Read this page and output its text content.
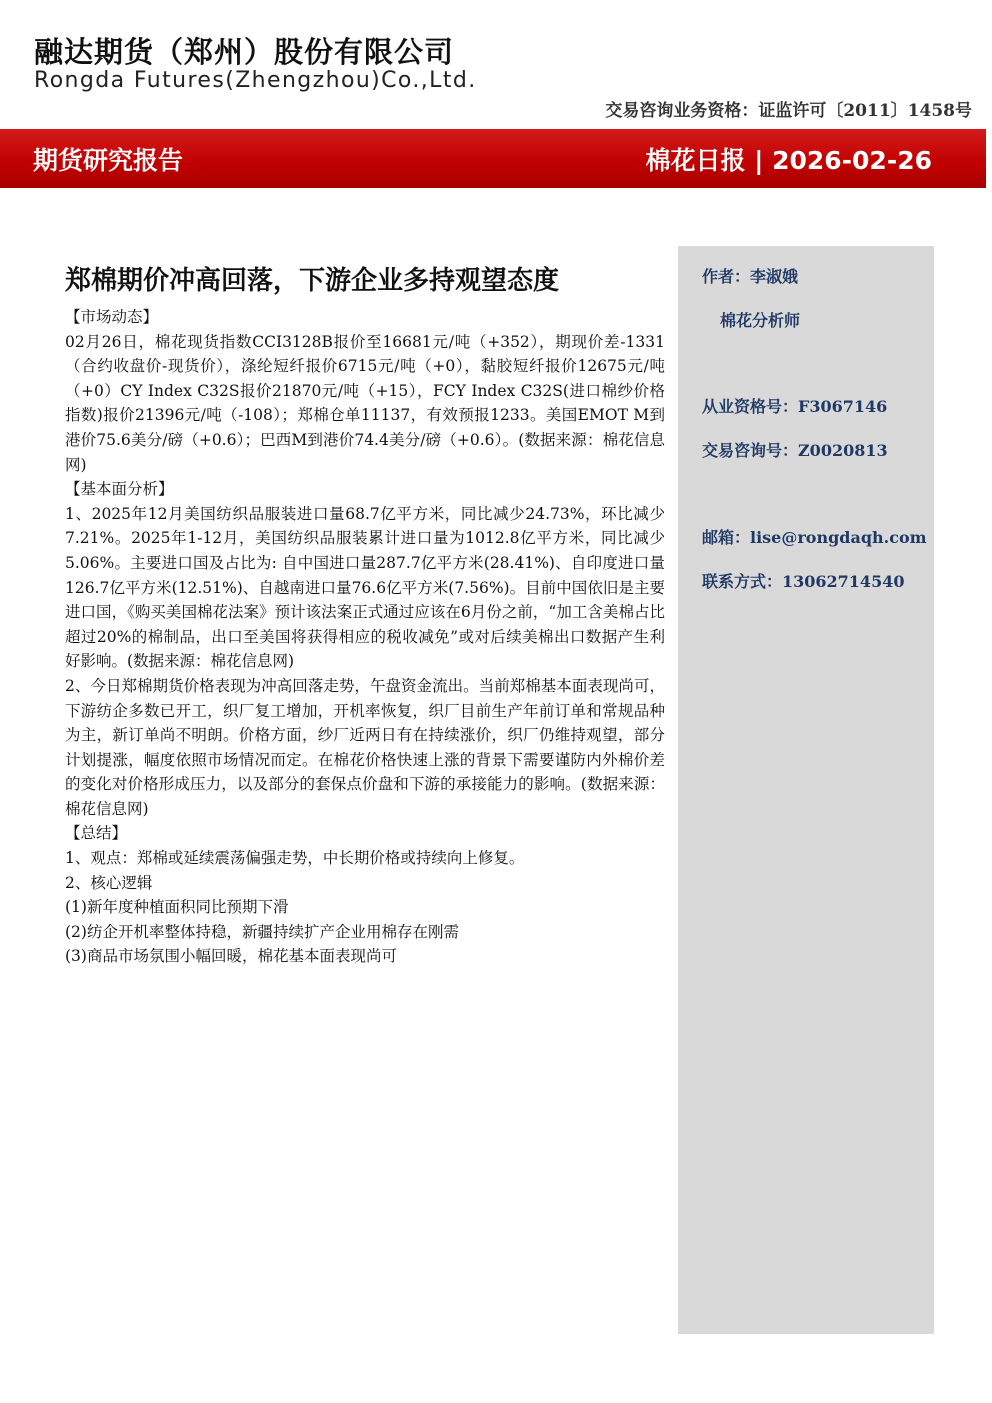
融达期货（郑州）股份有限公司
Rongda Futures(Zhengzhou)Co.,Ltd.
交易咨询业务资格：证监许可〔2011〕1458号
期货研究报告	棉花日报 | 2026-02-26
作者：李淑娥
棉花分析师
从业资格号：F3067146
交易咨询号：Z0020813
邮箱：lise@rongdaqh.com
联系方式：13062714540
郑棉期价冲高回落，下游企业多持观望态度

【市场动态】

02月26日，棉花现货指数CCI3128B报价至16681元/吨（+352），期现价差-1331（合约收盘价-现货价），涤纶短纤报价6715元/吨（+0），黏胶短纤报价12675元/吨（+0）CY Index C32S报价21870元/吨（+15），FCY Index C32S(进口棉纱价格指数)报价21396元/吨（-108）；郑棉仓单11137，有效预报1233。美国EMOT M到港价75.6美分/磅（+0.6）；巴西M到港价74.4美分/磅（+0.6）。(数据来源：棉花信息网)

【基本面分析】

1、2025年12月美国纺织品服装进口量68.7亿平方米，同比减少24.73%，环比减少7.21%。2025年1-12月，美国纺织品服装累计进口量为1012.8亿平方米，同比减少5.06%。主要进口国及占比为: 自中国进口量287.7亿平方米(28.41%)、自印度进口量126.7亿平方米(12.51%)、自越南进口量76.6亿平方米(7.56%)。目前中国依旧是主要进口国，《购买美国棉花法案》预计该法案正式通过应该在6月份之前，“加工含美棉占比超过20%的棉制品，出口至美国将获得相应的税收减免”或对后续美棉出口数据产生利好影响。(数据来源：棉花信息网)

2、今日郑棉期货价格表现为冲高回落走势，午盘资金流出。当前郑棉基本面表现尚可，下游纺企多数已开工，织厂复工增加，开机率恢复，织厂目前生产年前订单和常规品种为主，新订单尚不明朗。价格方面，纱厂近两日有在持续涨价，织厂仍维持观望，部分计划提涨，幅度依照市场情况而定。在棉花价格快速上涨的背景下需要谨防内外棉价差的变化对价格形成压力，以及部分的套保点价盘和下游的承接能力的影响。(数据来源：棉花信息网)

【总结】

1、观点：郑棉或延续震荡偏强走势，中长期价格或持续向上修复。

2、核心逻辑

(1)新年度种植面积同比预期下滑

(2)纺企开机率整体持稳，新疆持续扩产企业用棉存在刚需

(3)商品市场氛围小幅回暖，棉花基本面表现尚可
